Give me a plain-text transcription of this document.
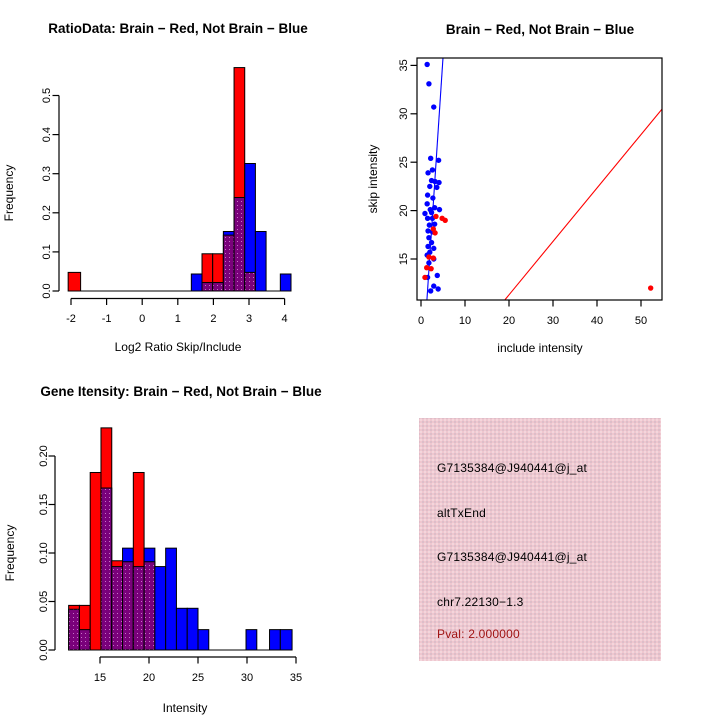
-2 -1	0	1	2	3	4
0.0
0.1
0.2
0.3
0.4
0.5
RatioData: Brain − Red, Not Brain − Blue
Log2 Ratio Skip/Include
Frequency
0	10	20	30	40	50
15
20
25
30
35
Brain − Red, Not Brain − Blue
include intensity
skip intensity
15	20	25	30	35
0.00
0.05
0.10
0.15
0.20
Gene Itensity: Brain − Red, Not Brain − Blue
Intensity
Frequency
G7135384@J940441@j_at
altTxEnd
G7135384@J940441@j_at
chr7.22130−1.3
Pval: 2.000000
